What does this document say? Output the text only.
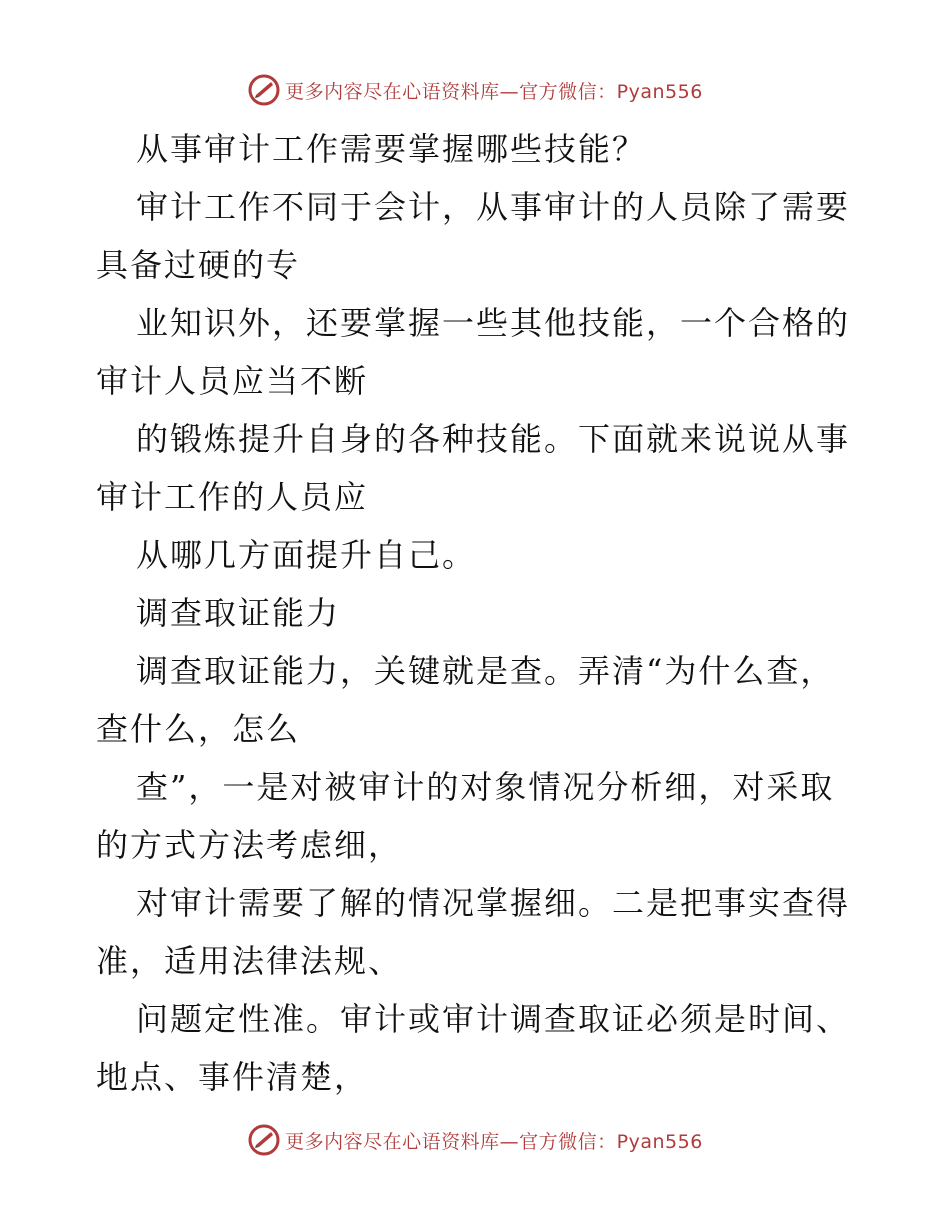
更多内容尽在心语资料库—官方微信：Pyan556
从事审计工作需要掌握哪些技能？
审计工作不同于会计，从事审计的人员除了需要
具备过硬的专
业知识外，还要掌握一些其他技能，一个合格的
审计人员应当不断
的锻炼提升自身的各种技能。下面就来说说从事
审计工作的人员应
从哪几方面提升自己。
调查取证能力
调查取证能力，关键就是查。弄清“为什么查，
查什么，怎么
查”，一是对被审计的对象情况分析细，对采取
的方式方法考虑细，
对审计需要了解的情况掌握细。二是把事实查得
准，适用法律法规、
问题定性准。审计或审计调查取证必须是时间、
地点、事件清楚，
更多内容尽在心语资料库—官方微信：Pyan556
